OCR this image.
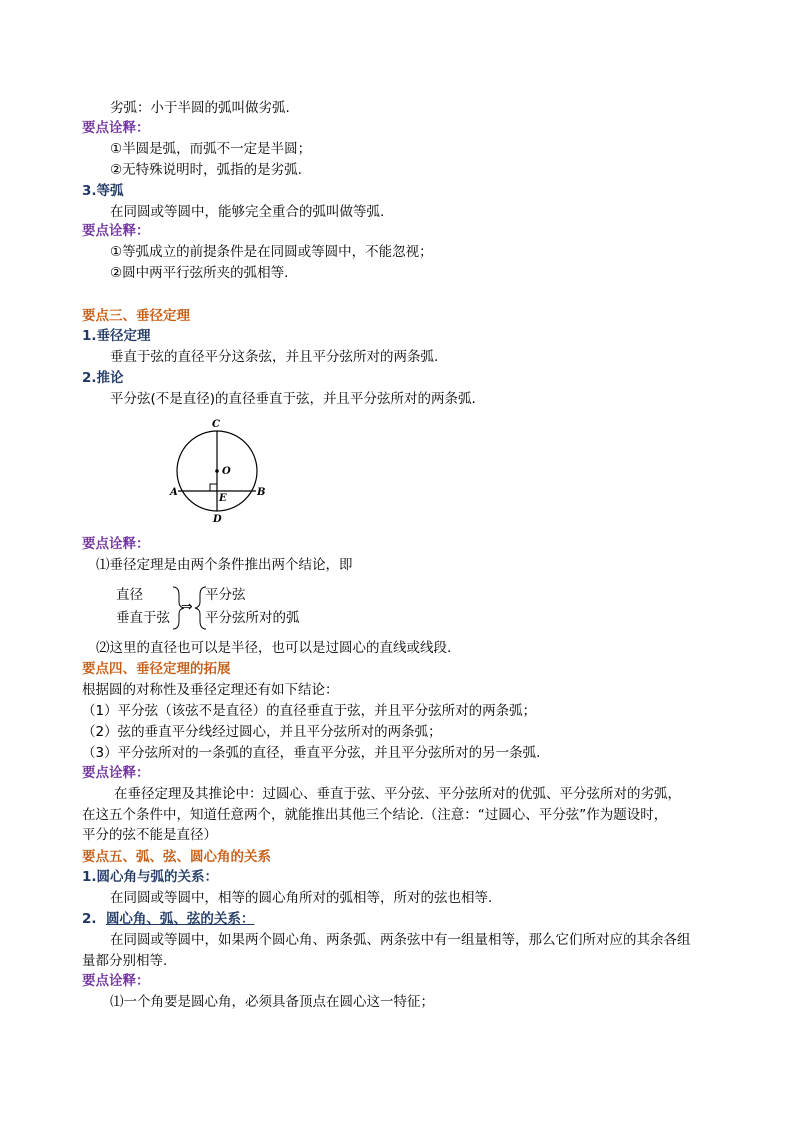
劣弧：小于半圆的弧叫做劣弧.
要点诠释：
①半圆是弧，而弧不一定是半圆；
②无特殊说明时，弧指的是劣弧.
3.等弧
在同圆或等圆中，能够完全重合的弧叫做等弧.
要点诠释：
①等弧成立的前提条件是在同圆或等圆中，不能忽视；
②圆中两平行弦所夹的弧相等.
要点三、垂径定理
1.垂径定理
垂直于弦的直径平分这条弦，并且平分弦所对的两条弧.
2.推论
平分弦(不是直径)的直径垂直于弦，并且平分弦所对的两条弧.
C
O
A
E
B
D
要点诠释：
⑴垂径定理是由两个条件推出两个结论，即
直径
垂直于弦
⇒
平分弦
平分弦所对的弧
⑵这里的直径也可以是半径，也可以是过圆心的直线或线段.
要点四、垂径定理的拓展
根据圆的对称性及垂径定理还有如下结论：
（1）平分弦（该弦不是直径）的直径垂直于弦，并且平分弦所对的两条弧；
（2）弦的垂直平分线经过圆心，并且平分弦所对的两条弧；
（3）平分弦所对的一条弧的直径，垂直平分弦，并且平分弦所对的另一条弧.
要点诠释：
在垂径定理及其推论中：过圆心、垂直于弦、平分弦、平分弦所对的优弧、平分弦所对的劣弧，
在这五个条件中，知道任意两个，就能推出其他三个结论.（注意：“过圆心、平分弦”作为题设时，
平分的弦不能是直径）
要点五、弧、弦、圆心角的关系
1.圆心角与弧的关系：
在同圆或等圆中，相等的圆心角所对的弧相等，所对的弦也相等.
2. 圆心角、弧、弦的关系：
在同圆或等圆中，如果两个圆心角、两条弧、两条弦中有一组量相等，那么它们所对应的其余各组
量都分别相等.
要点诠释：
⑴一个角要是圆心角，必须具备顶点在圆心这一特征；
